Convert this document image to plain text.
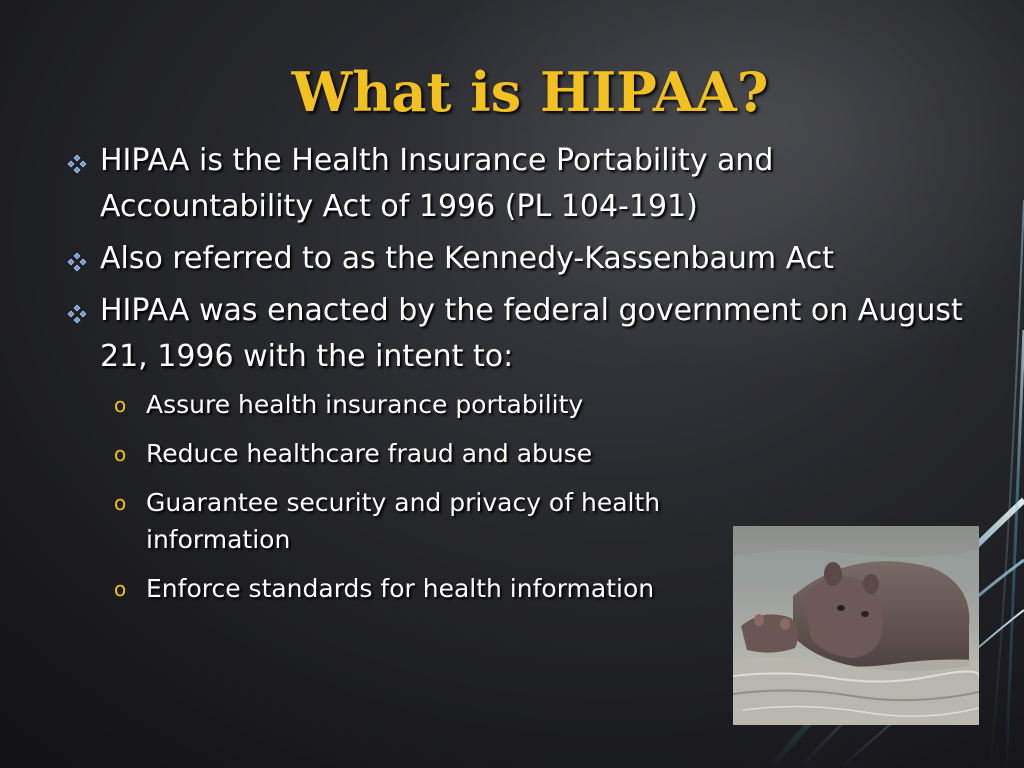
What is HIPAA?
HIPAA is the Health Insurance Portability and Accountability Act of 1996 (PL 104-191)
Also referred to as the Kennedy-Kassenbaum Act
HIPAA was enacted by the federal government on August 21, 1996 with the intent to:
o Assure health insurance portability
o Reduce healthcare fraud and abuse
o Guarantee security and privacy of health information
o Enforce standards for health information
